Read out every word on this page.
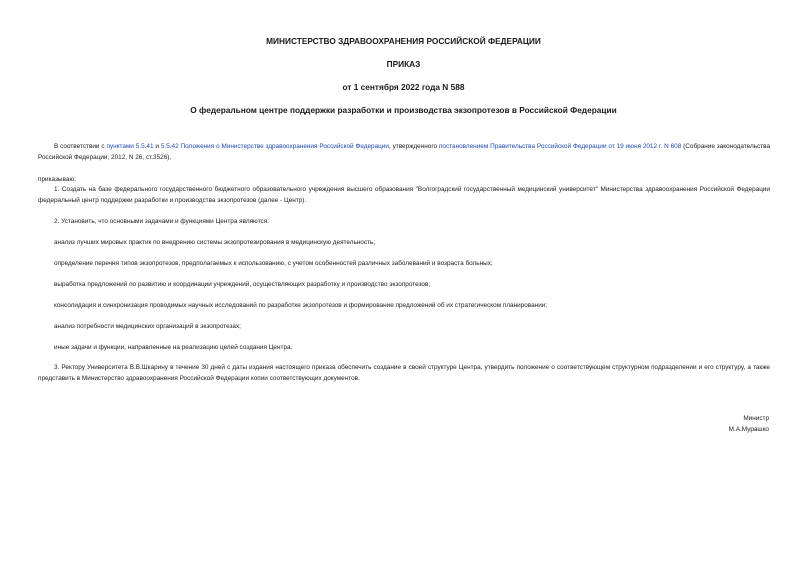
МИНИСТЕРСТВО ЗДРАВООХРАНЕНИЯ РОССИЙСКОЙ ФЕДЕРАЦИИ
ПРИКАЗ
от 1 сентября 2022 года N 588
О федеральном центре поддержки разработки и производства экзопротезов в Российской Федерации
В соответствии с пунктами 5.5.41 и 5.5.42 Положения о Министерстве здравоохранения Российской Федерации, утвержденного постановлением Правительства Российской Федерации от 19 июня 2012 г. N 608 (Собрание законодательства Российской Федерации, 2012, N 26, ст.3526),
приказываю:
1. Создать на базе федерального государственного бюджетного образовательного учреждения высшего образования "Волгоградский государственный медицинский университет" Министерства здравоохранения Российской Федерации федеральный центр поддержки разработки и производства экзопротезов (далее - Центр).
2. Установить, что основными задачами и функциями Центра являются:
анализ лучших мировых практик по внедрению системы экзопротезирования в медицинскую деятельность;
определение перечня типов экзопротезов, предполагаемых к использованию, с учетом особенностей различных заболеваний и возраста больных;
выработка предложений по развитию и координации учреждений, осуществляющих разработку и производство экзопротезов;
консолидация и синхронизация проводимых научных исследований по разработке экзопротезов и формирование предложений об их стратегическом планировании;
анализ потребности медицинских организаций в экзопротезах;
иные задачи и функции, направленные на реализацию целей создания Центра.
3. Ректору Университета В.В.Шкарину в течение 30 дней с даты издания настоящего приказа обеспечить создание в своей структуре Центра, утвердить положение о соответствующем структурном подразделении и его структуру, а также представить в Министерство здравоохранения Российской Федерации копии соответствующих документов.
Министр
М.А.Мурашко
